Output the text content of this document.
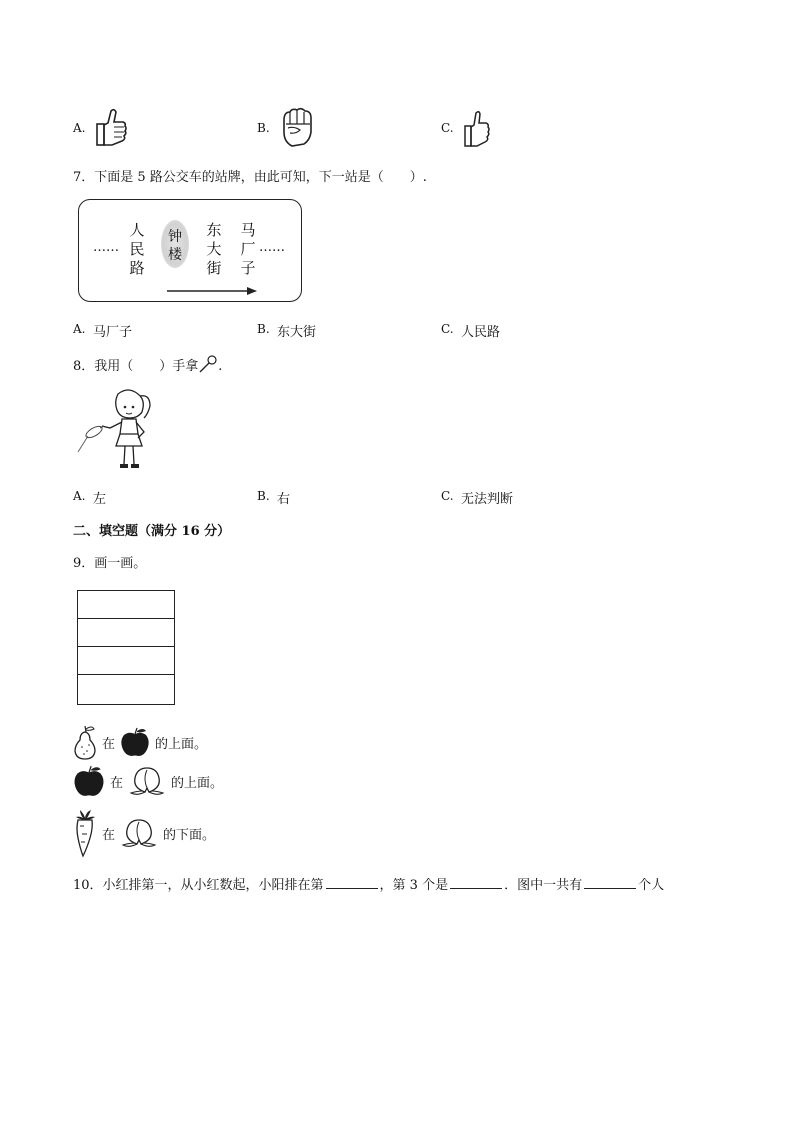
A.	B.	C.
7．下面是 5 路公交车的站牌，由此可知，下一站是（　　）.
……
人民路
钟楼
东大街
马厂子
……
A. 马厂子	B. 东大街	C. 人民路
8．我用（　　）手拿 .
A. 左	B. 右	C. 无法判断
二、填空题（满分 16 分）
9．画一画。
在	的上面。
在	的上面。
在	的下面。
10．小红排第一，从小红数起，小阳排在第	，第 3 个是	．图中一共有	个人
